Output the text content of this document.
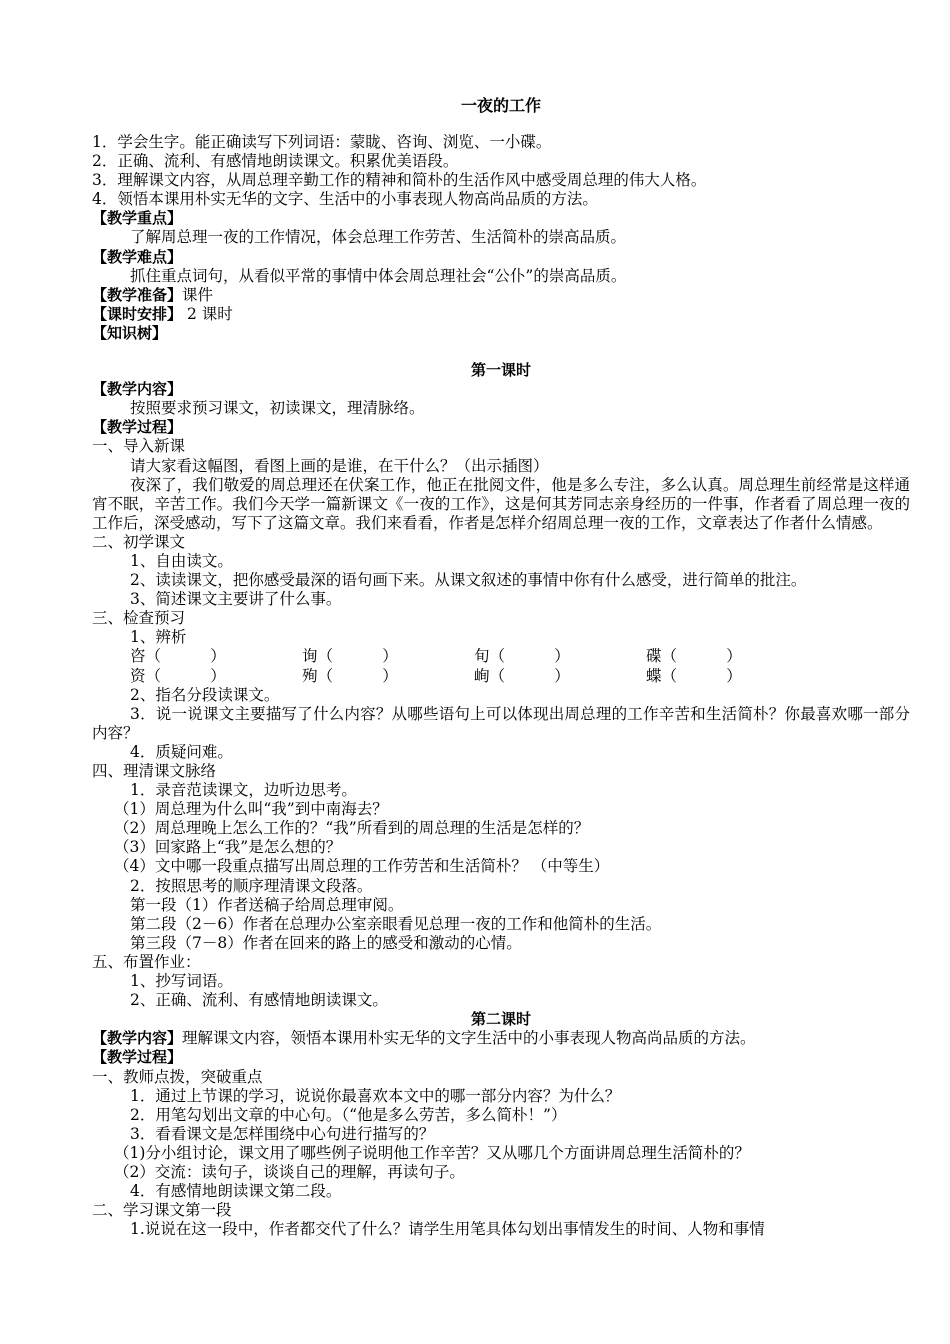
一夜的工作
1．学会生字。能正确读写下列词语：蒙眬、咨询、浏览、一小碟。
2．正确、流利、有感情地朗读课文。积累优美语段。
3．理解课文内容，从周总理辛勤工作的精神和简朴的生活作风中感受周总理的伟大人格。
4．领悟本课用朴实无华的文字、生活中的小事表现人物高尚品质的方法。
【教学重点】
了解周总理一夜的工作情况，体会总理工作劳苦、生活简朴的崇高品质。
【教学难点】
抓住重点词句，从看似平常的事情中体会周总理社会“公仆”的崇高品质。
【教学准备】课件
【课时安排】 2 课时
【知识树】
第一课时
【教学内容】
按照要求预习课文，初读课文，理清脉络。
【教学过程】
一、导入新课
请大家看这幅图，看图上画的是谁，在干什么？（出示插图）
夜深了，我们敬爱的周总理还在伏案工作，他正在批阅文件，他是多么专注，多么认真。周总理生前经常是这样通宵不眠，辛苦工作。我们今天学一篇新课文《一夜的工作》，这是何其芳同志亲身经历的一件事，作者看了周总理一夜的工作后，深受感动，写下了这篇文章。我们来看看，作者是怎样介绍周总理一夜的工作，文章表达了作者什么情感。
二、初学课文
1、自由读文。
2、读读课文，把你感受最深的语句画下来。从课文叙述的事情中你有什么感受，进行简单的批注。
3、简述课文主要讲了什么事。
三、检查预习
1、辨析
咨（          ）	询（          ）	旬（          ）	碟（          ）
资（          ）	殉（          ）	峋（          ）	蝶（          ）
2、指名分段读课文。
3．说一说课文主要描写了什么内容？从哪些语句上可以体现出周总理的工作辛苦和生活简朴？你最喜欢哪一部分内容？
4．质疑问难。
四、理清课文脉络
1．录音范读课文，边听边思考。
（1）周总理为什么叫“我”到中南海去？
（2）周总理晚上怎么工作的？“我”所看到的周总理的生活是怎样的？
（3）回家路上“我”是怎么想的？
（4）文中哪一段重点描写出周总理的工作劳苦和生活简朴？ （中等生）
2．按照思考的顺序理清课文段落。
第一段（1）作者送稿子给周总理审阅。
第二段（2－6）作者在总理办公室亲眼看见总理一夜的工作和他简朴的生活。
第三段（7－8）作者在回来的路上的感受和激动的心情。
五、布置作业：
1、抄写词语。
2、正确、流利、有感情地朗读课文。
第二课时
【教学内容】理解课文内容，领悟本课用朴实无华的文字生活中的小事表现人物高尚品质的方法。
【教学过程】
一、教师点拨，突破重点
1．通过上节课的学习，说说你最喜欢本文中的哪一部分内容？为什么？
2．用笔勾划出文章的中心句。（“他是多么劳苦，多么简朴！”）
3．看看课文是怎样围绕中心句进行描写的？
（1)分小组讨论，课文用了哪些例子说明他工作辛苦？又从哪几个方面讲周总理生活简朴的？
（2）交流：读句子，谈谈自己的理解，再读句子。
4．有感情地朗读课文第二段。
二、学习课文第一段
1.说说在这一段中，作者都交代了什么？请学生用笔具体勾划出事情发生的时间、人物和事情
